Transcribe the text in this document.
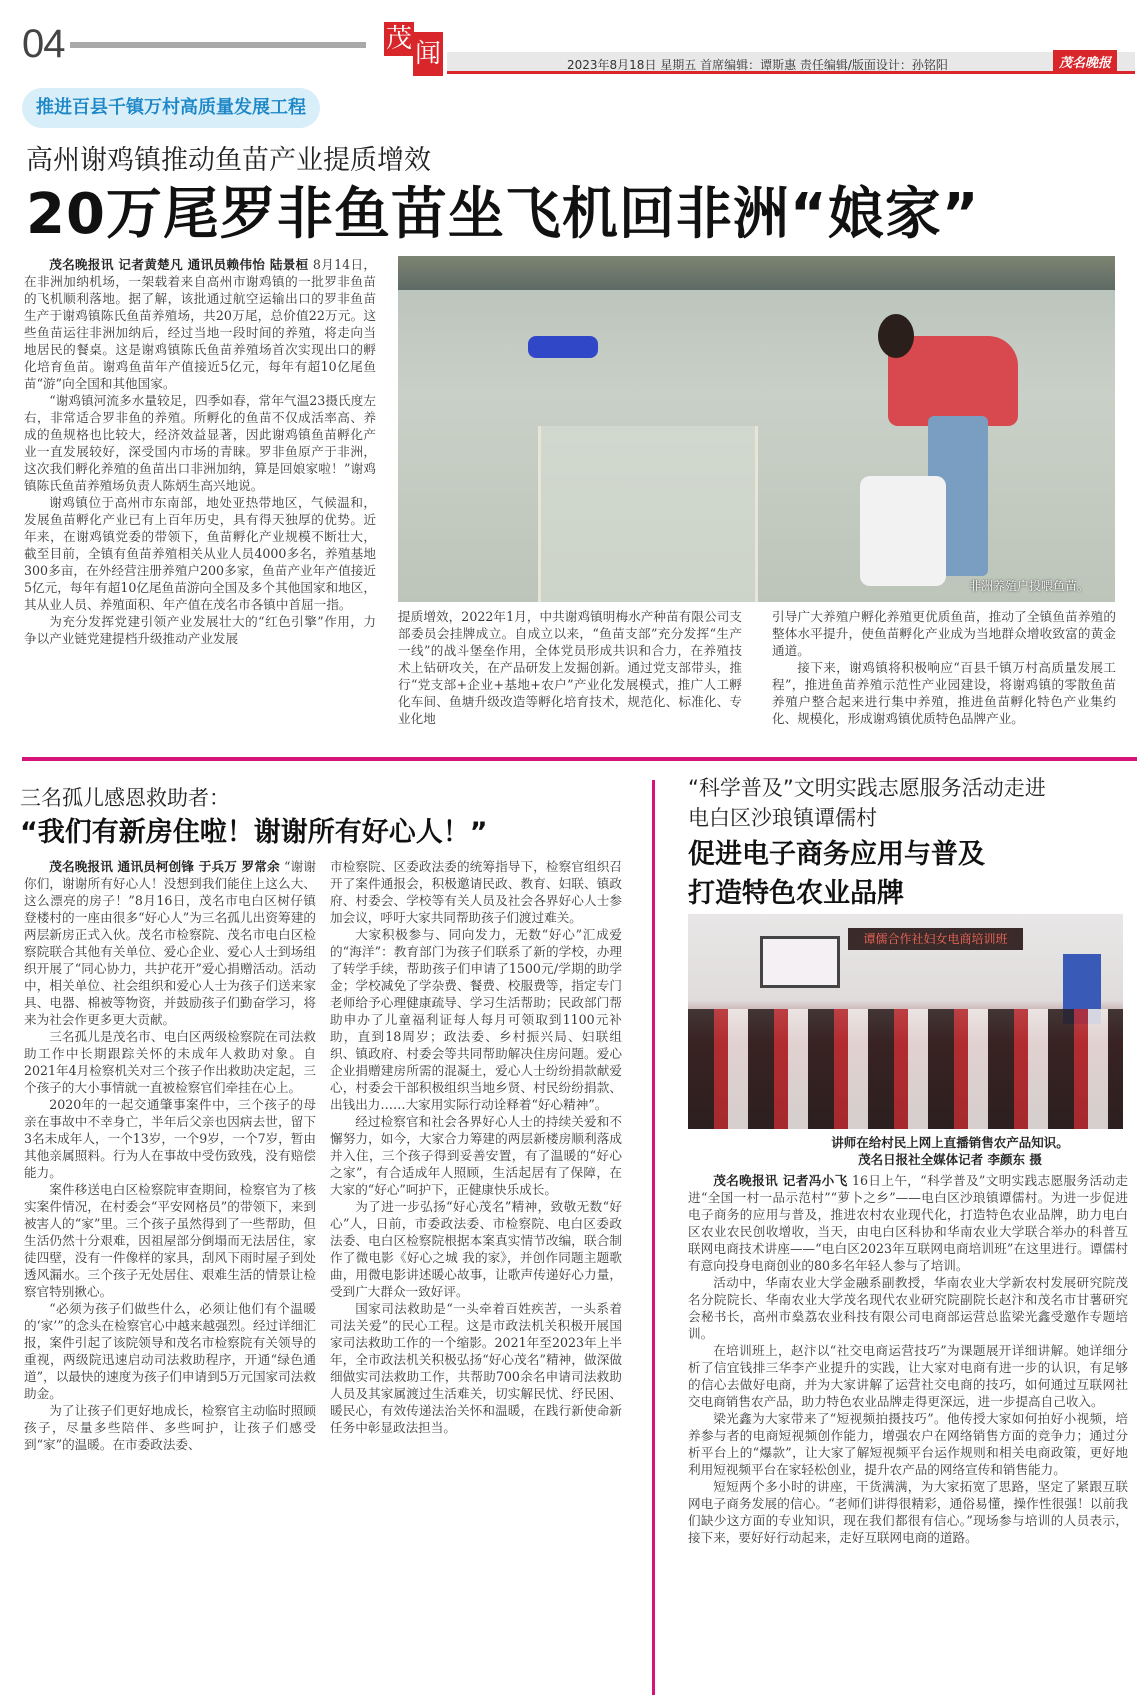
04	茂 闻	2023年8月18日 星期五 首席编辑：谭斯惠 责任编辑/版面设计：孙铭阳	茂名晚报
推进百县千镇万村高质量发展工程
高州谢鸡镇推动鱼苗产业提质增效
20万尾罗非鱼苗坐飞机回非洲“娘家”

茂名晚报讯 记者黄楚凡 通讯员赖伟怡 陆景桓 8月14日，在非洲加纳机场，一架载着来自高州市谢鸡镇的一批罗非鱼苗的飞机顺利落地。据了解，该批通过航空运输出口的罗非鱼苗生产于谢鸡镇陈氏鱼苗养殖场，共20万尾，总价值22万元。这些鱼苗运往非洲加纳后，经过当地一段时间的养殖，将走向当地居民的餐桌。这是谢鸡镇陈氏鱼苗养殖场首次实现出口的孵化培育鱼苗。谢鸡鱼苗年产值接近5亿元，每年有超10亿尾鱼苗“游”向全国和其他国家。

“谢鸡镇河流多水量较足，四季如春，常年气温23摄氏度左右，非常适合罗非鱼的养殖。所孵化的鱼苗不仅成活率高、养成的鱼规格也比较大，经济效益显著，因此谢鸡镇鱼苗孵化产业一直发展较好，深受国内市场的青睐。罗非鱼原产于非洲，这次我们孵化养殖的鱼苗出口非洲加纳，算是回娘家啦！”谢鸡镇陈氏鱼苗养殖场负责人陈炳生高兴地说。

谢鸡镇位于高州市东南部，地处亚热带地区，气候温和，发展鱼苗孵化产业已有上百年历史，具有得天独厚的优势。近年来，在谢鸡镇党委的带领下，鱼苗孵化产业规模不断壮大，截至目前，全镇有鱼苗养殖相关从业人员4000多名，养殖基地300多亩，在外经营注册养殖户200多家，鱼苗产业年产值接近5亿元，每年有超10亿尾鱼苗游向全国及多个其他国家和地区，其从业人员、养殖面积、年产值在茂名市各镇中首屈一指。

为充分发挥党建引领产业发展壮大的“红色引擎”作用，力争以产业链党建提档升级推动产业发展

非洲养殖户投喂鱼苗。

提质增效，2022年1月，中共谢鸡镇明梅水产种苗有限公司支部委员会挂牌成立。自成立以来，“鱼苗支部”充分发挥“生产一线”的战斗堡垒作用，全体党员形成共识和合力，在养殖技术上钻研攻关，在产品研发上发掘创新。通过党支部带头，推行“党支部+企业+基地+农户”产业化发展模式，推广人工孵化车间、鱼塘升级改造等孵化培育技术，规范化、标准化、专业化地

引导广大养殖户孵化养殖更优质鱼苗，推动了全镇鱼苗养殖的整体水平提升，使鱼苗孵化产业成为当地群众增收致富的黄金通道。

接下来，谢鸡镇将积极响应“百县千镇万村高质量发展工程”，推进鱼苗养殖示范性产业园建设，将谢鸡镇的零散鱼苗养殖户整合起来进行集中养殖，推进鱼苗孵化特色产业集约化、规模化，形成谢鸡镇优质特色品牌产业。

三名孤儿感恩救助者：
“我们有新房住啦！谢谢所有好心人！”

茂名晚报讯 通讯员柯创锋 于兵万 罗常余 “谢谢你们，谢谢所有好心人！没想到我们能住上这么大、这么漂亮的房子！”8月16日，茂名市电白区树仔镇登楼村的一座由很多“好心人”为三名孤儿出资筹建的两层新房正式入伙。茂名市检察院、茂名市电白区检察院联合其他有关单位、爱心企业、爱心人士到场组织开展了“同心协力，共护花开”爱心捐赠活动。活动中，相关单位、社会组织和爱心人士为孩子们送来家具、电器、棉被等物资，并鼓励孩子们勤奋学习，将来为社会作更多更大贡献。

三名孤儿是茂名市、电白区两级检察院在司法救助工作中长期跟踪关怀的未成年人救助对象。自2021年4月检察机关对三个孩子作出救助决定起，三个孩子的大小事情就一直被检察官们牵挂在心上。

2020年的一起交通肇事案件中，三个孩子的母亲在事故中不幸身亡，半年后父亲也因病去世，留下3名未成年人，一个13岁，一个9岁，一个7岁，暂由其他亲属照料。行为人在事故中受伤致残，没有赔偿能力。

案件移送电白区检察院审查期间，检察官为了核实案件情况，在村委会“平安网格员”的带领下，来到被害人的“家”里。三个孩子虽然得到了一些帮助，但生活仍然十分艰难，因祖屋部分倒塌而无法居住，家徒四壁，没有一件像样的家具，刮风下雨时屋子到处透风漏水。三个孩子无处居住、艰难生活的情景让检察官特别揪心。

“必须为孩子们做些什么，必须让他们有个温暖的‘家’”的念头在检察官心中越来越强烈。经过详细汇报，案件引起了该院领导和茂名市检察院有关领导的重视，两级院迅速启动司法救助程序，开通“绿色通道”，以最快的速度为孩子们申请到5万元国家司法救助金。

为了让孩子们更好地成长，检察官主动临时照顾孩子，尽量多些陪伴、多些呵护，让孩子们感受到“家”的温暖。在市委政法委、

市检察院、区委政法委的统筹指导下，检察官组织召开了案件通报会，积极邀请民政、教育、妇联、镇政府、村委会、学校等有关人员及社会各界好心人士参加会议，呼吁大家共同帮助孩子们渡过难关。

大家积极参与、同向发力，无数“好心”汇成爱的“海洋”：教育部门为孩子们联系了新的学校，办理了转学手续，帮助孩子们申请了1500元/学期的助学金；学校减免了学杂费、餐费、校服费等，指定专门老师给予心理健康疏导、学习生活帮助；民政部门帮助申办了儿童福利证每人每月可领取到1100元补助，直到18周岁；政法委、乡村振兴局、妇联组织、镇政府、村委会等共同帮助解决住房问题。爱心企业捐赠建房所需的混凝土，爱心人士纷纷捐款献爱心，村委会干部积极组织当地乡贤、村民纷纷捐款、出钱出力……大家用实际行动诠释着“好心精神”。

经过检察官和社会各界好心人士的持续关爱和不懈努力，如今，大家合力筹建的两层新楼房顺利落成并入住，三个孩子得到妥善安置，有了温暖的“好心之家”，有合适成年人照顾，生活起居有了保障，在大家的“好心”呵护下，正健康快乐成长。

为了进一步弘扬“好心茂名”精神，致敬无数“好心”人，日前，市委政法委、市检察院、电白区委政法委、电白区检察院根据本案真实情节改编，联合制作了微电影《好心之城 我的家》，并创作同题主题歌曲，用微电影讲述暖心故事，让歌声传递好心力量，受到广大群众一致好评。

国家司法救助是“一头牵着百姓疾苦，一头系着司法关爱”的民心工程。这是市政法机关积极开展国家司法救助工作的一个缩影。2021年至2023年上半年，全市政法机关积极弘扬“好心茂名”精神，做深做细做实司法救助工作，共帮助700余名申请司法救助人员及其家属渡过生活难关，切实解民忧、纾民困、暖民心，有效传递法治关怀和温暖，在践行新使命新任务中彰显政法担当。

“科学普及”文明实践志愿服务活动走进
电白区沙琅镇谭儒村
促进电子商务应用与普及
打造特色农业品牌
谭儒合作社妇女电商培训班
讲师在给村民上网上直播销售农产品知识。
茂名日报社全媒体记者 李颜东 摄

茂名晚报讯 记者冯小飞 16日上午，“科学普及”文明实践志愿服务活动走进“全国一村一品示范村”“萝卜之乡”——电白区沙琅镇谭儒村。为进一步促进电子商务的应用与普及，推进农村农业现代化，打造特色农业品牌，助力电白区农业农民创收增收，当天，由电白区科协和华南农业大学联合举办的科普互联网电商技术讲座——“电白区2023年互联网电商培训班”在这里进行。谭儒村有意向投身电商创业的80多名年轻人参与了培训。

活动中，华南农业大学金融系副教授，华南农业大学新农村发展研究院茂名分院院长、华南农业大学茂名现代农业研究院副院长赵汴和茂名市甘薯研究会秘书长，高州市燊荔农业科技有限公司电商部运营总监梁光鑫受邀作专题培训。

在培训班上，赵汴以“社交电商运营技巧”为课题展开详细讲解。她详细分析了信宜钱排三华李产业提升的实践，让大家对电商有进一步的认识，有足够的信心去做好电商，并为大家讲解了运营社交电商的技巧，如何通过互联网社交电商销售农产品，助力特色农业品牌走得更深远，进一步提高自己收入。

梁光鑫为大家带来了“短视频拍摄技巧”。他传授大家如何拍好小视频，培养参与者的电商短视频创作能力，增强农户在网络销售方面的竞争力；通过分析平台上的“爆款”，让大家了解短视频平台运作规则和相关电商政策，更好地利用短视频平台在家轻松创业，提升农产品的网络宣传和销售能力。

短短两个多小时的讲座，干货满满，为大家拓宽了思路，坚定了紧跟互联网电子商务发展的信心。“老师们讲得很精彩，通俗易懂，操作性很强！以前我们缺少这方面的专业知识，现在我们都很有信心。”现场参与培训的人员表示，接下来，要好好行动起来，走好互联网电商的道路。
